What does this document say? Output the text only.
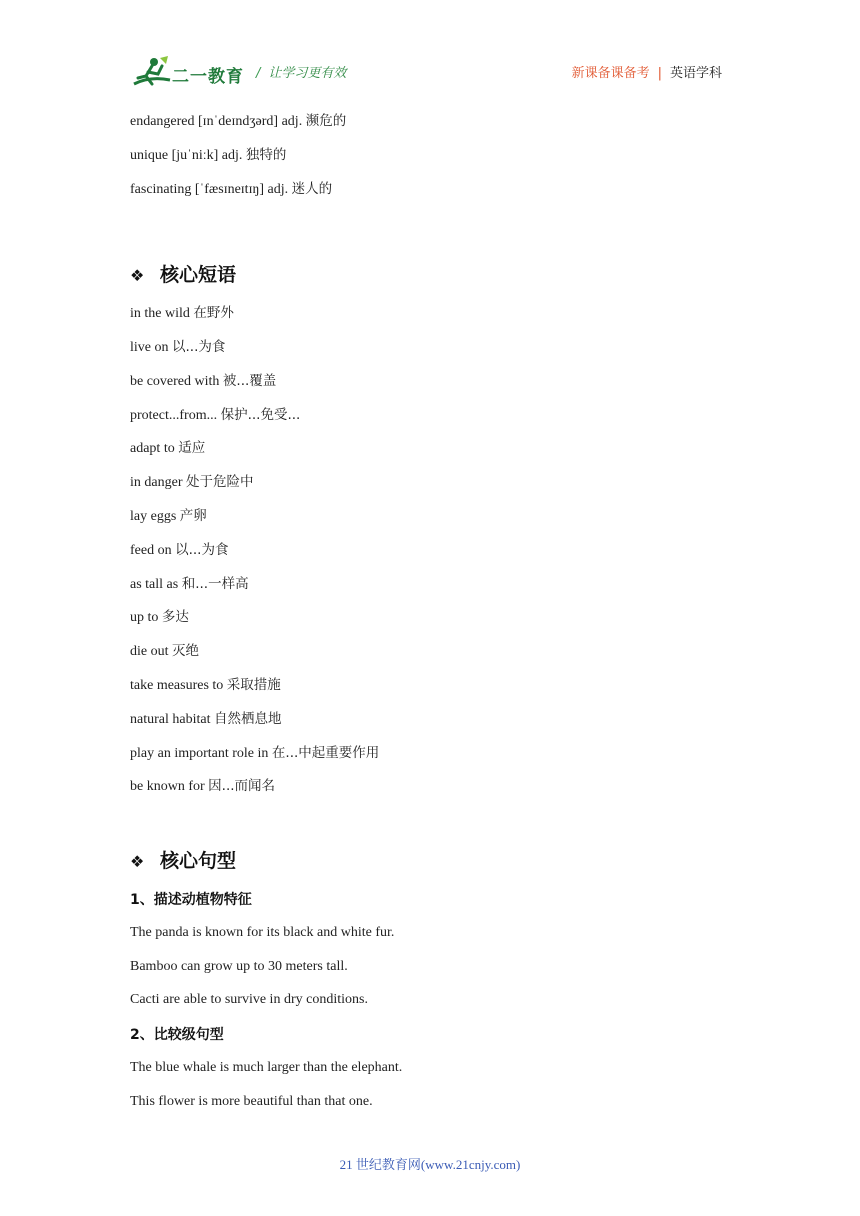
二一教育 / 让学习更有效	新课备课备考 | 英语学科
endangered [ɪnˈdeɪndʒərd] adj. 濒危的
unique [juˈniːk] adj. 独特的
fascinating [ˈfæsɪneɪtɪŋ] adj. 迷人的
❖ 核心短语
in the wild 在野外
live on 以...为食
be covered with 被...覆盖
protect...from... 保护...免受...
adapt to 适应
in danger 处于危险中
lay eggs 产卵
feed on 以...为食
as tall as 和...一样高
up to 多达
die out 灭绝
take measures to 采取措施
natural habitat 自然栖息地
play an important role in 在...中起重要作用
be known for 因...而闻名
❖ 核心句型
1、描述动植物特征
The panda is known for its black and white fur.
Bamboo can grow up to 30 meters tall.
Cacti are able to survive in dry conditions.
2、比较级句型
The blue whale is much larger than the elephant.
This flower is more beautiful than that one.
21 世纪教育网(www.21cnjy.com)
